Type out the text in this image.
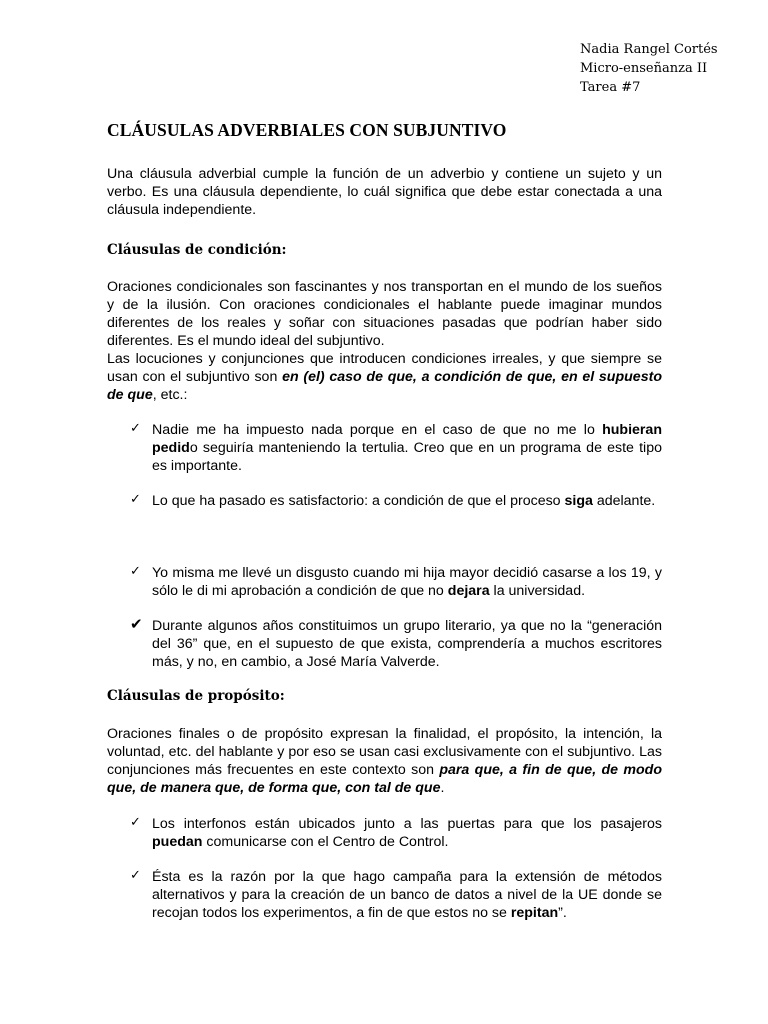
Nadia Rangel Cortés
Micro-enseñanza II
Tarea #7
CLÁUSULAS ADVERBIALES CON SUBJUNTIVO

Una cláusula adverbial cumple la función de un adverbio y contiene un sujeto y un verbo. Es una cláusula dependiente, lo cuál significa que debe estar conectada a una cláusula independiente.

Cláusulas de condición:

Oraciones condicionales son fascinantes y nos transportan en el mundo de los sueños y de la ilusión. Con oraciones condicionales el hablante puede imaginar mundos diferentes de los reales y soñar con situaciones pasadas que podrían haber sido diferentes. Es el mundo ideal del subjuntivo.

Las locuciones y conjunciones que introducen condiciones irreales, y que siempre se usan con el subjuntivo son en (el) caso de que, a condición de que, en el supuesto de que, etc.:

✓ Nadie me ha impuesto nada porque en el caso de que no me lo hubieran pedido seguiría manteniendo la tertulia. Creo que en un programa de este tipo es importante.
✓ Lo que ha pasado es satisfactorio: a condición de que el proceso siga adelante.
✓ Yo misma me llevé un disgusto cuando mi hija mayor decidió casarse a los 19, y sólo le di mi aprobación a condición de que no dejara la universidad.
✔ Durante algunos años constituimos un grupo literario, ya que no la “generación del 36” que, en el supuesto de que exista, comprendería a muchos escritores más, y no, en cambio, a José María Valverde.
Cláusulas de propósito:

Oraciones finales o de propósito expresan la finalidad, el propósito, la intención, la voluntad, etc. del hablante y por eso se usan casi exclusivamente con el subjuntivo. Las conjunciones más frecuentes en este contexto son para que, a fin de que, de modo que, de manera que, de forma que, con tal de que.

✓ Los interfonos están ubicados junto a las puertas para que los pasajeros puedan comunicarse con el Centro de Control.
✓ Ésta es la razón por la que hago campaña para la extensión de métodos alternativos y para la creación de un banco de datos a nivel de la UE donde se recojan todos los experimentos, a fin de que estos no se repitan”.
